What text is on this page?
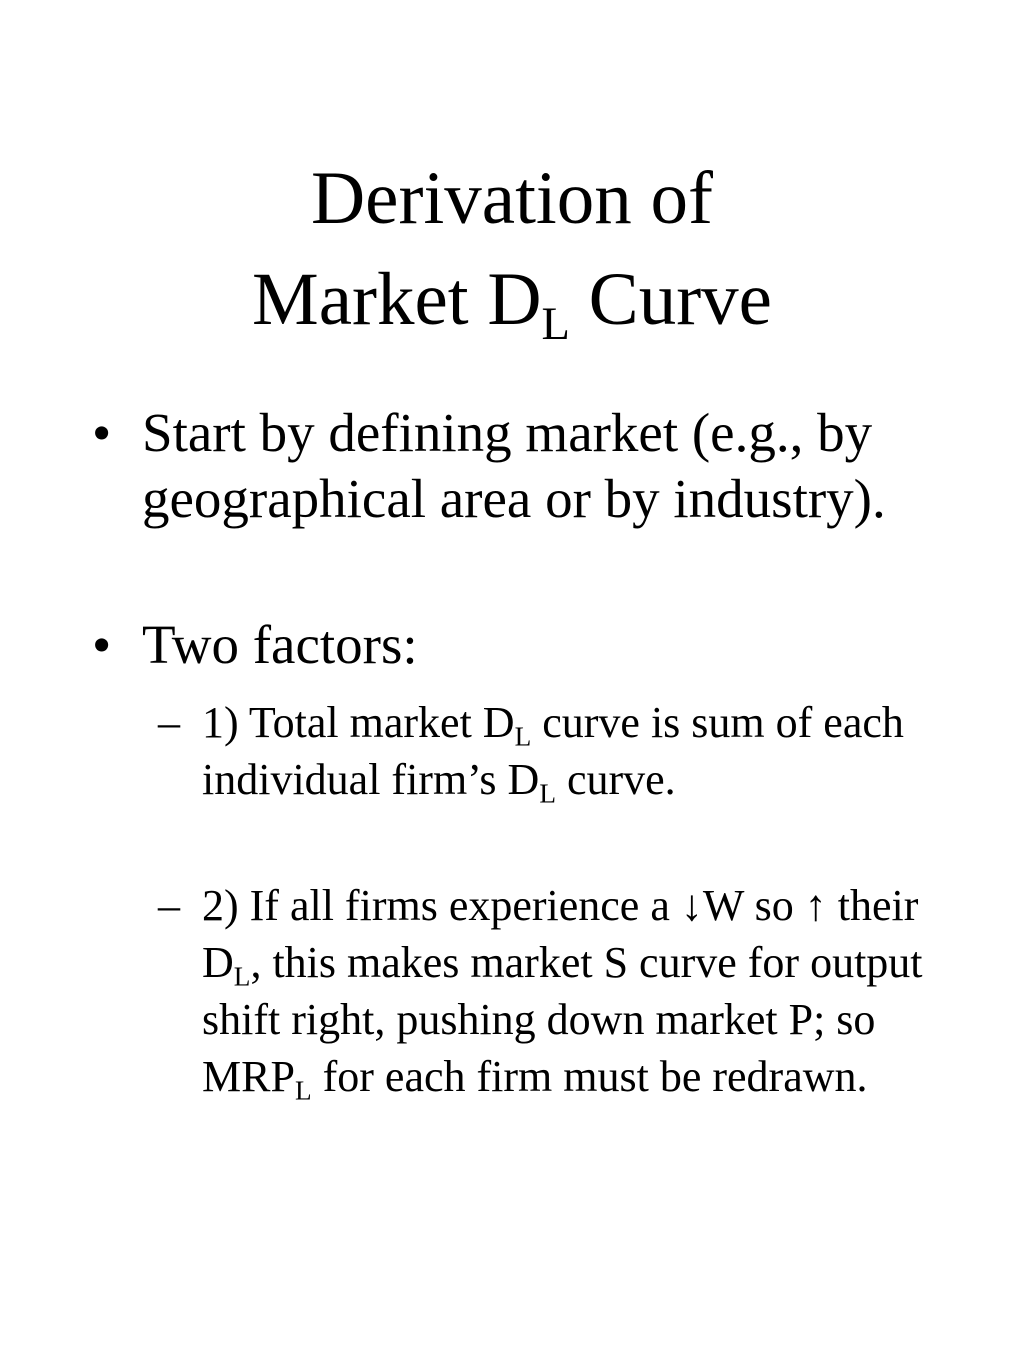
Derivation of
Market $D_L$ Curve
• Start by defining market (e.g., by geographical area or by industry).
• Two factors:
– 1) Total market $D_L$ curve is sum of each individual firm’s $D_L$ curve.
– 2) If all firms experience a ↓W so ↑ their $D_L$, this makes market S curve for output shift right, pushing down market P; so $MRP_L$ for each firm must be redrawn.
